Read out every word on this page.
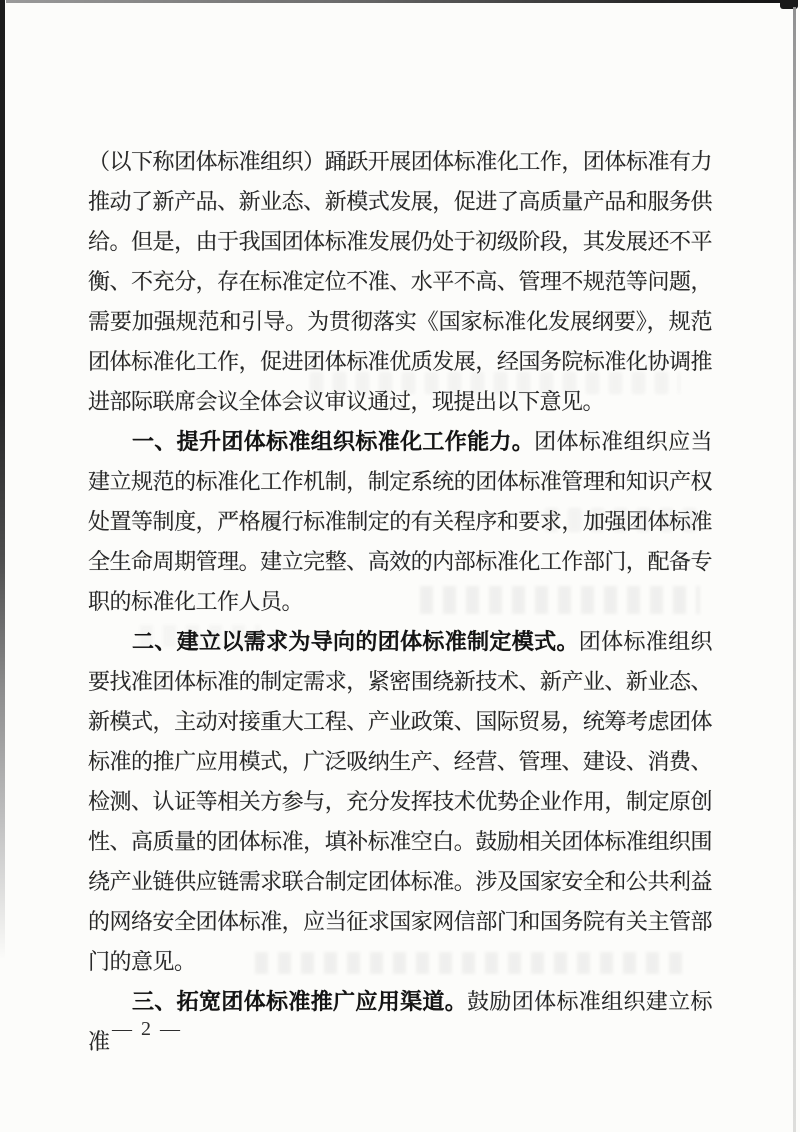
（以下称团体标准组织）踊跃开展团体标准化工作，团体标准有力推动了新产品、新业态、新模式发展，促进了高质量产品和服务供给。但是，由于我国团体标准发展仍处于初级阶段，其发展还不平衡、不充分，存在标准定位不准、水平不高、管理不规范等问题，需要加强规范和引导。为贯彻落实《国家标准化发展纲要》，规范团体标准化工作，促进团体标准优质发展，经国务院标准化协调推进部际联席会议全体会议审议通过，现提出以下意见。

一、提升团体标准组织标准化工作能力。团体标准组织应当建立规范的标准化工作机制，制定系统的团体标准管理和知识产权处置等制度，严格履行标准制定的有关程序和要求，加强团体标准全生命周期管理。建立完整、高效的内部标准化工作部门，配备专职的标准化工作人员。

二、建立以需求为导向的团体标准制定模式。团体标准组织要找准团体标准的制定需求，紧密围绕新技术、新产业、新业态、新模式，主动对接重大工程、产业政策、国际贸易，统筹考虑团体标准的推广应用模式，广泛吸纳生产、经营、管理、建设、消费、检测、认证等相关方参与，充分发挥技术优势企业作用，制定原创性、高质量的团体标准，填补标准空白。鼓励相关团体标准组织围绕产业链供应链需求联合制定团体标准。涉及国家安全和公共利益的网络安全团体标准，应当征求国家网信部门和国务院有关主管部门的意见。

三、拓宽团体标准推广应用渠道。鼓励团体标准组织建立标准 — 2 —
